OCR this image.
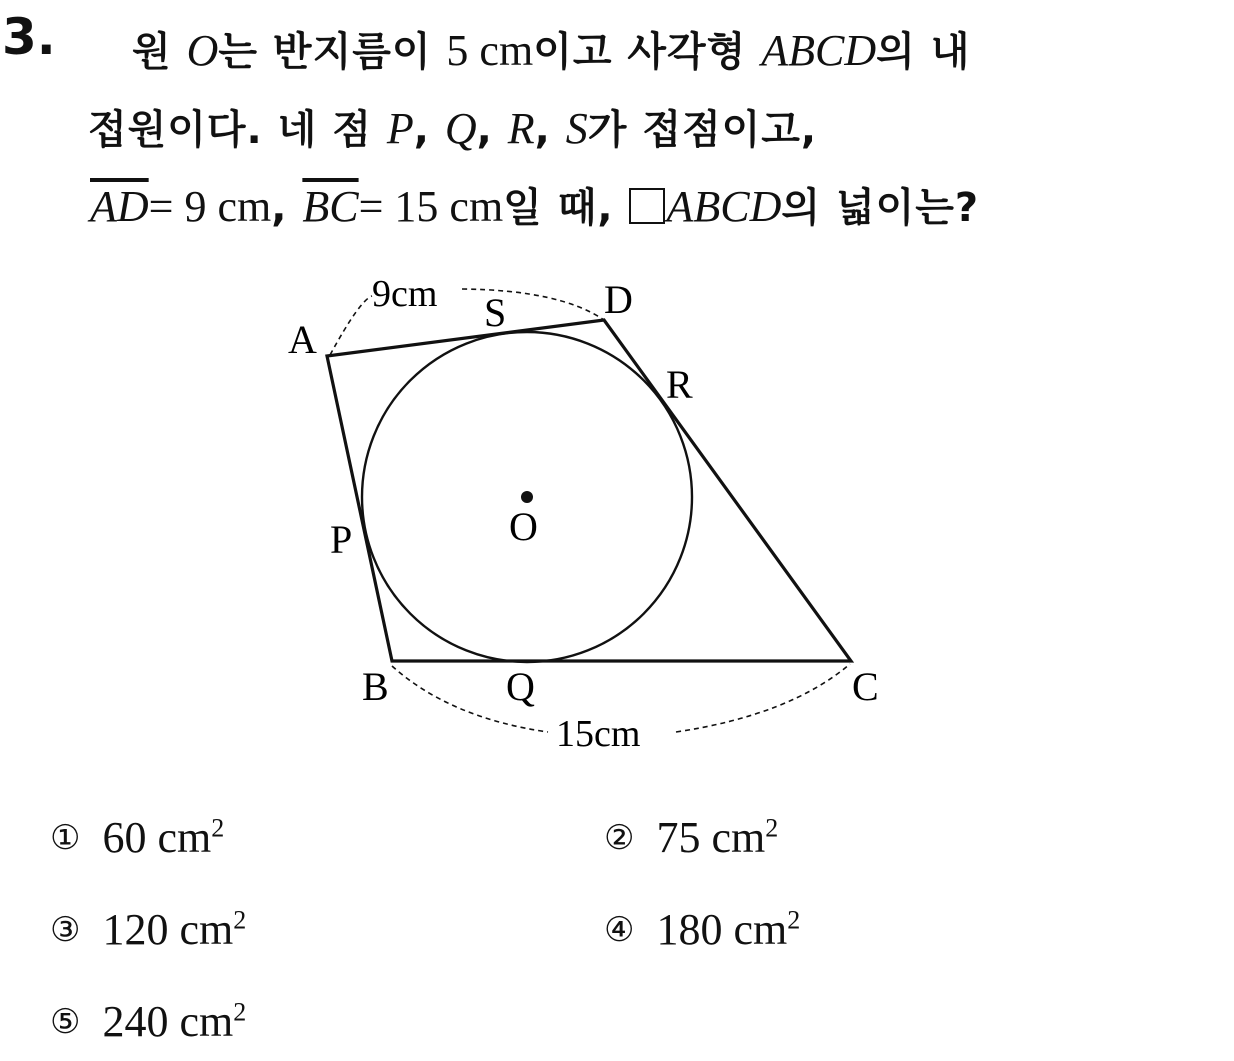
3. 원 O는 반지름이 5 cm이고 사각형 ABCD의 내
접원이다. 네 점 P, Q, R, S가 접점이고,
$\overline{AD}= 9$ cm, $\overline{BC}= 15$ cm일 때, ABCD의 넓이는?
A
D
R
S
P	O
B	Q	C
9cm
15cm
① 60 $cm^2$	② 75 $cm^2$
③ 120 $cm^2$	④ 180 $cm^2$
⑤ 240 $cm^2$
